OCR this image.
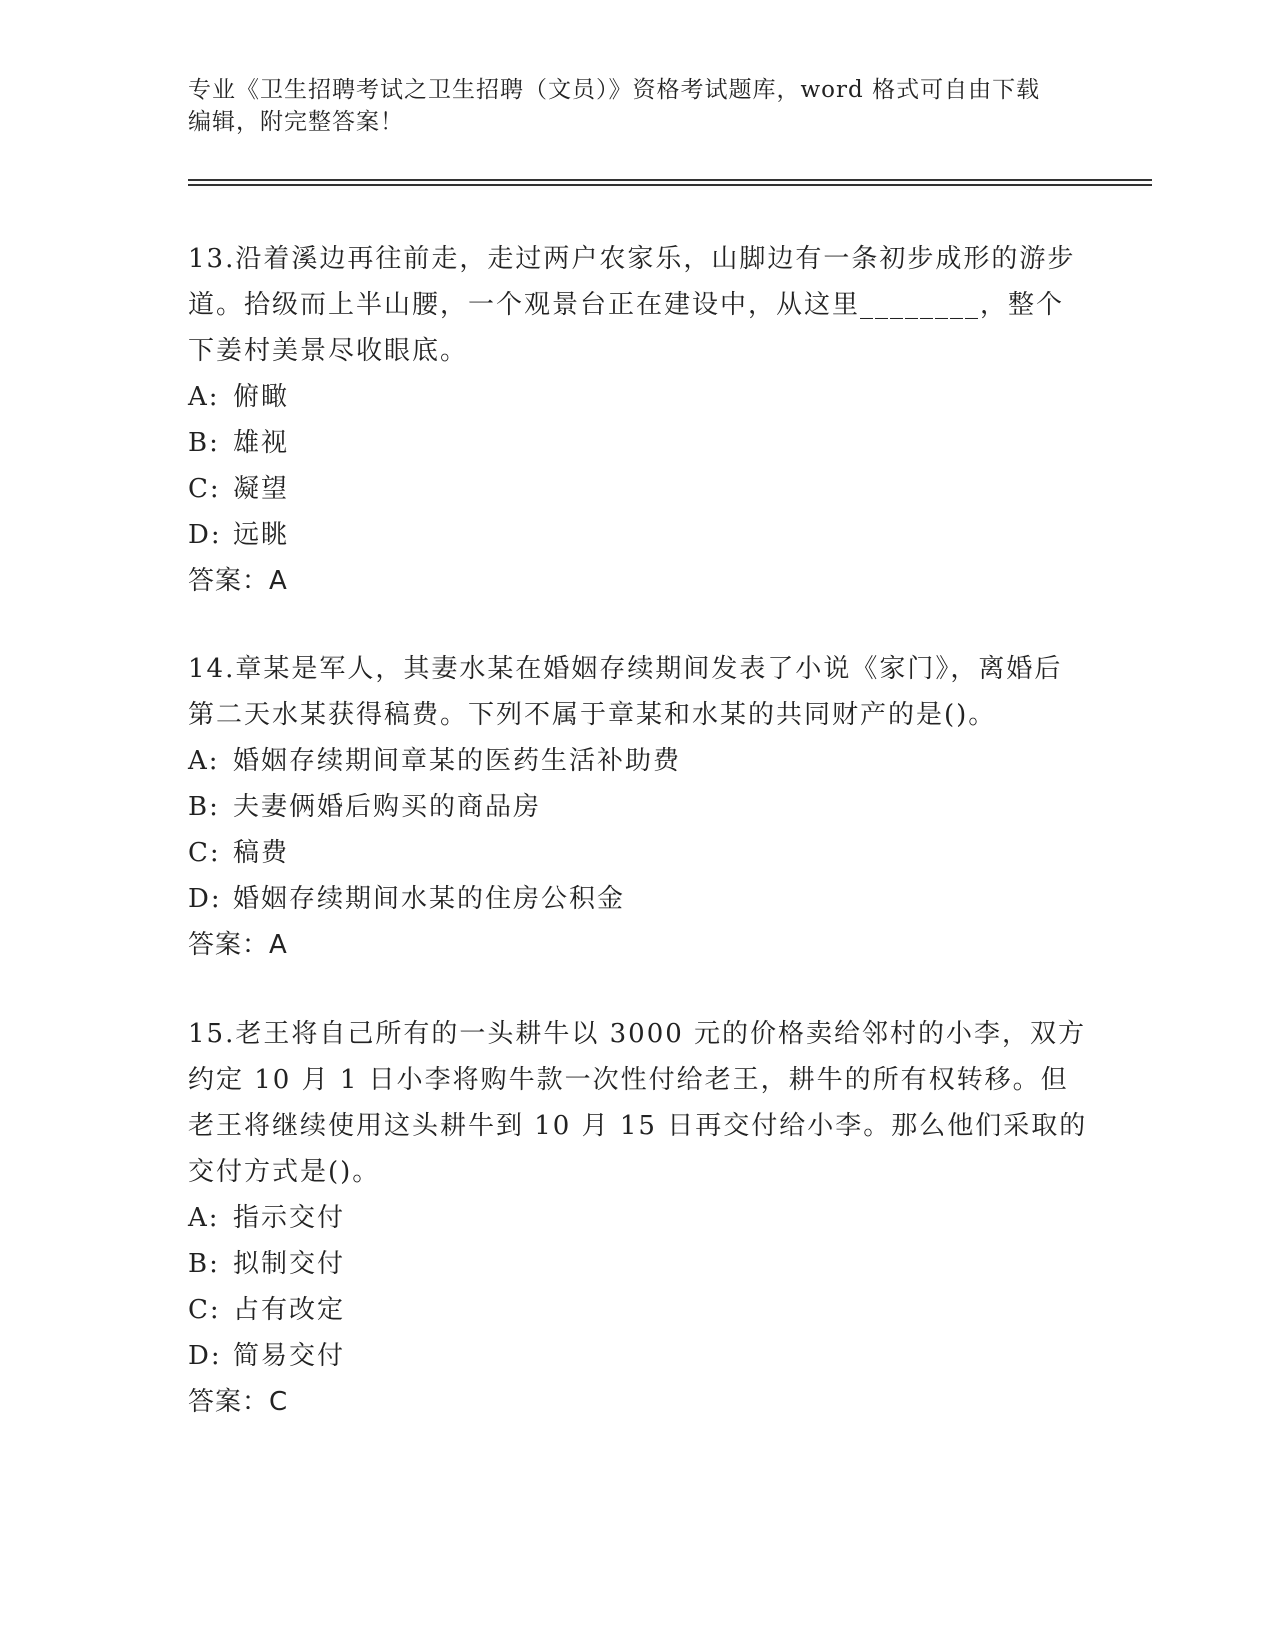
专业《卫生招聘考试之卫生招聘（文员）》资格考试题库，word 格式可自由下载
编辑，附完整答案！

13.沿着溪边再往前走，走过两户农家乐，山脚边有一条初步成形的游步道。拾级而上半山腰，一个观景台正在建设中，从这里________，整个下姜村美景尽收眼底。

A: 俯瞰

B: 雄视

C: 凝望

D: 远眺

答案：A

14.章某是军人，其妻水某在婚姻存续期间发表了小说《家门》，离婚后第二天水某获得稿费。下列不属于章某和水某的共同财产的是()。

A: 婚姻存续期间章某的医药生活补助费

B: 夫妻俩婚后购买的商品房

C: 稿费

D: 婚姻存续期间水某的住房公积金

答案：A

15.老王将自己所有的一头耕牛以 3000 元的价格卖给邻村的小李，双方约定 10 月 1 日小李将购牛款一次性付给老王，耕牛的所有权转移。但老王将继续使用这头耕牛到 10 月 15 日再交付给小李。那么他们采取的交付方式是()。

A: 指示交付

B: 拟制交付

C: 占有改定

D: 简易交付

答案：C
